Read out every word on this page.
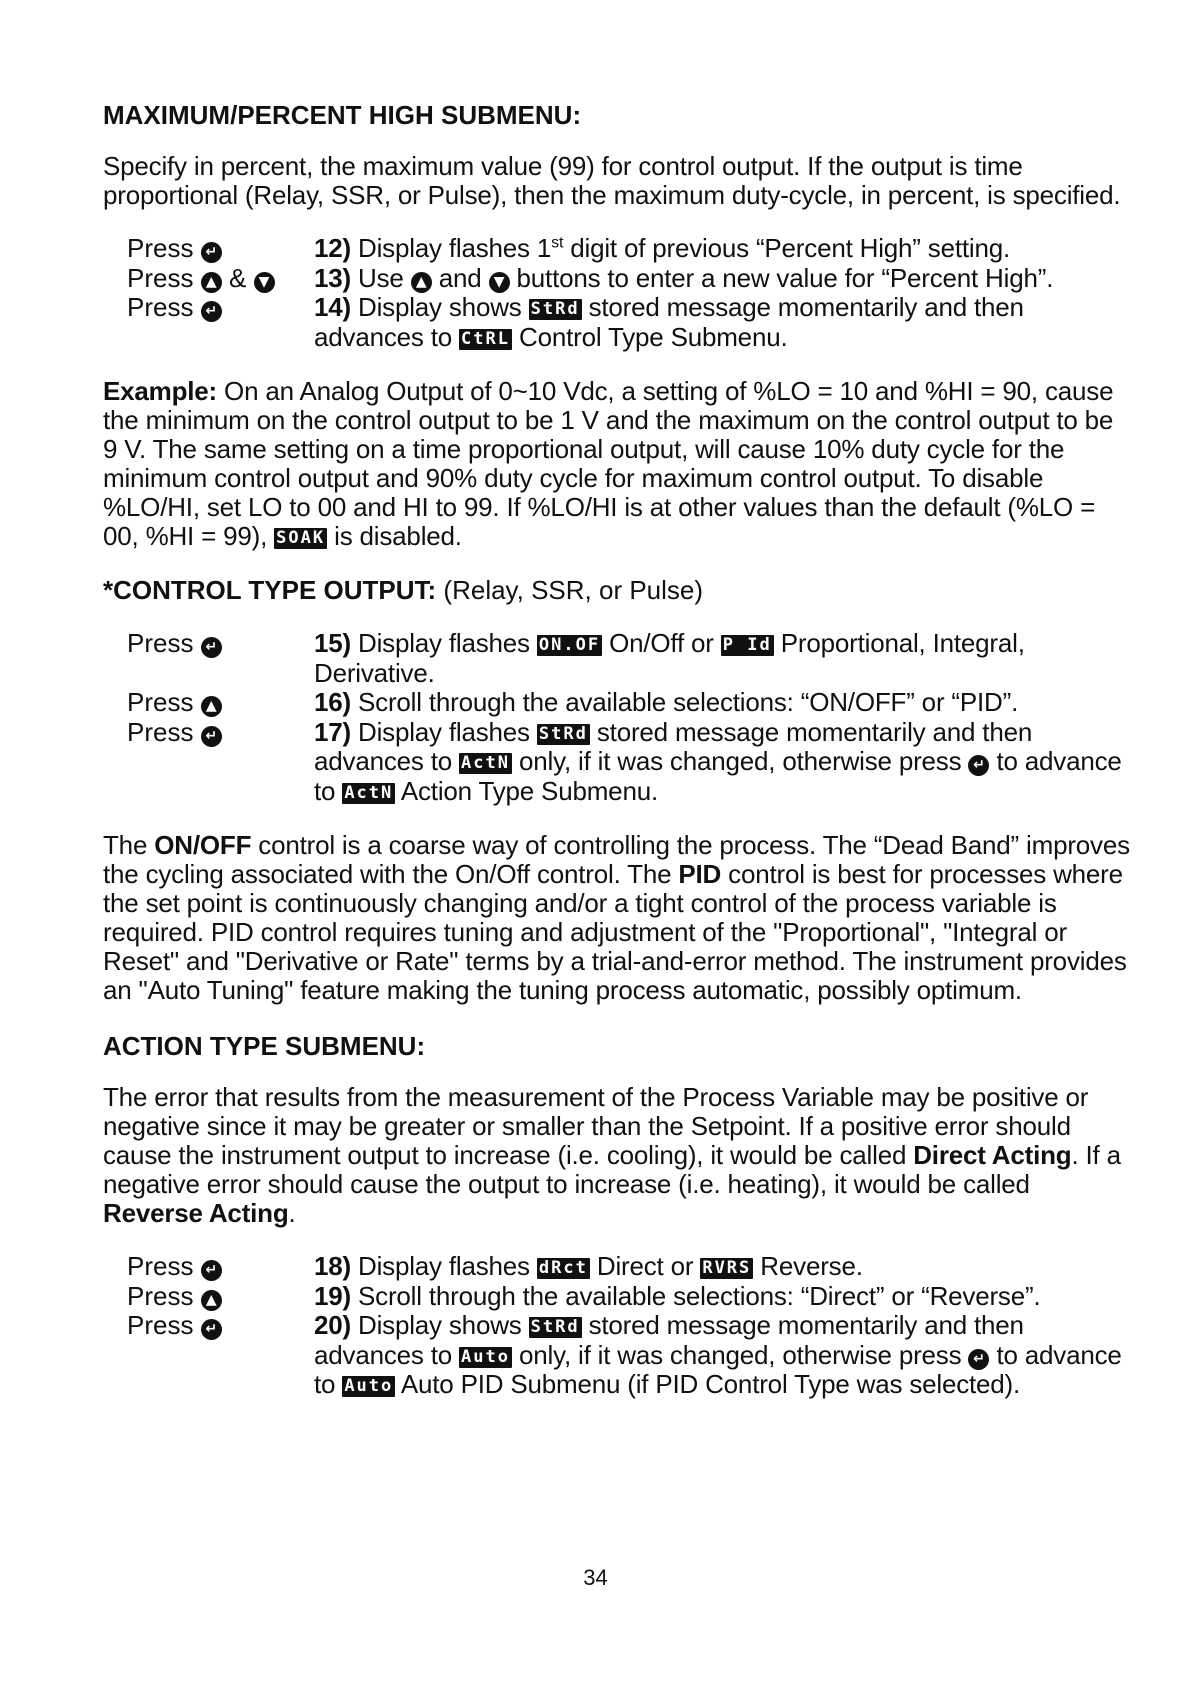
MAXIMUM/PERCENT HIGH SUBMENU:

Specify in percent, the maximum value (99) for control output. If the output is time proportional (Relay, SSR, or Pulse), then the maximum duty-cycle, in percent, is specified.

Press ↵	12) Display flashes 1st digit of previous “Percent High” setting.
Press ▲ & ▼	13) Use ▲ and ▼ buttons to enter a new value for “Percent High”.
Press ↵	14) Display shows StRd stored message momentarily and then advances to CtRL Control Type Submenu.

Example: On an Analog Output of 0~10 Vdc, a setting of %LO = 10 and %HI = 90, cause the minimum on the control output to be 1 V and the maximum on the control output to be 9 V. The same setting on a time proportional output, will cause 10% duty cycle for the minimum control output and 90% duty cycle for maximum control output. To disable %LO/HI, set LO to 00 and HI to 99. If %LO/HI is at other values than the default (%LO = 00, %HI = 99), SOAK is disabled.

*CONTROL TYPE OUTPUT: (Relay, SSR, or Pulse)
Press ↵	15) Display flashes ON.OF On/Off or P Id Proportional, Integral, Derivative.
Press ▲	16) Scroll through the available selections: “ON/OFF” or “PID”.
Press ↵	17) Display flashes StRd stored message momentarily and then advances to ActN only, if it was changed, otherwise press ↵ to advance to ActN Action Type Submenu.

The ON/OFF control is a coarse way of controlling the process. The “Dead Band” improves the cycling associated with the On/Off control. The PID control is best for processes where the set point is continuously changing and/or a tight control of the process variable is required. PID control requires tuning and adjustment of the "Proportional", "Integral or Reset" and "Derivative or Rate" terms by a trial-and-error method. The instrument provides an "Auto Tuning" feature making the tuning process automatic, possibly optimum.

ACTION TYPE SUBMENU:

The error that results from the measurement of the Process Variable may be positive or negative since it may be greater or smaller than the Setpoint. If a positive error should cause the instrument output to increase (i.e. cooling), it would be called Direct Acting. If a negative error should cause the output to increase (i.e. heating), it would be called Reverse Acting.

Press ↵	18) Display flashes dRct Direct or RVRS Reverse.
Press ▲	19) Scroll through the available selections: “Direct” or “Reverse”.
Press ↵	20) Display shows StRd stored message momentarily and then advances to Auto only, if it was changed, otherwise press ↵ to advance to Auto Auto PID Submenu (if PID Control Type was selected).
34
